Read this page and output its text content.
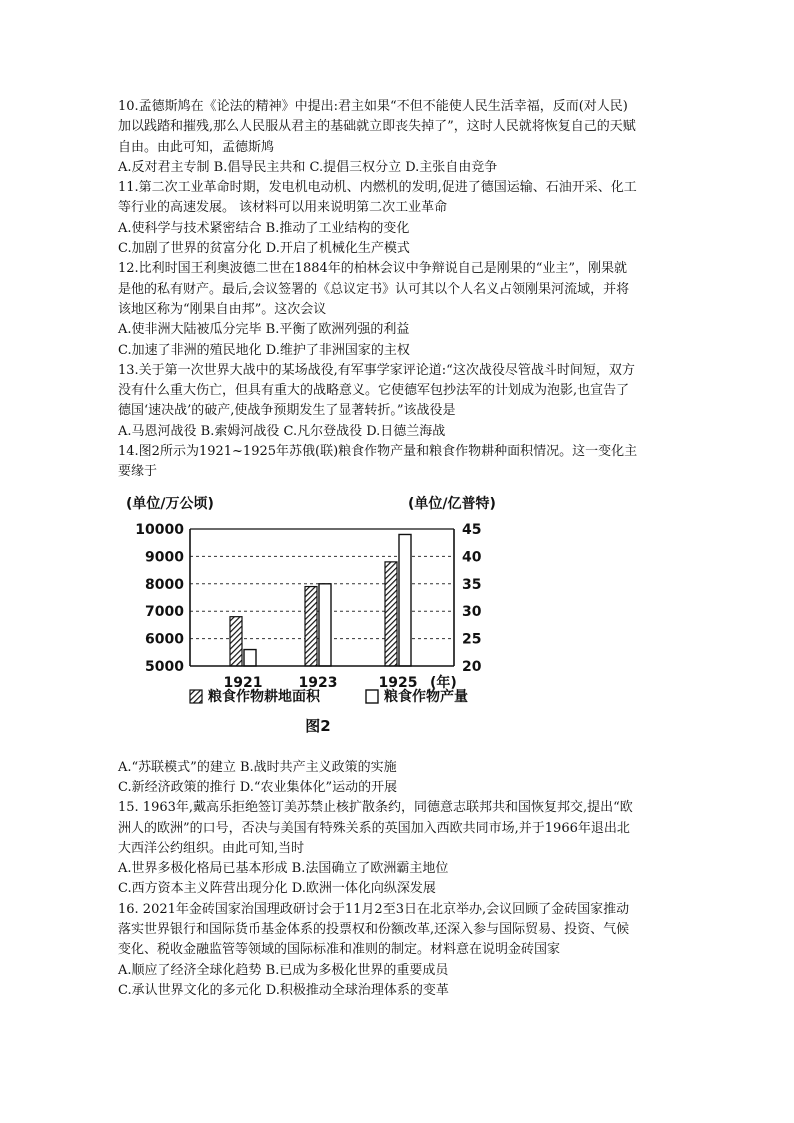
10.孟德斯鸠在《论法的精神》中提出:君主如果“不但不能使人民生活幸福，反而(对人民)
加以践踏和摧残,那么人民服从君主的基础就立即丧失掉了”，这时人民就将恢复自己的天赋
自由。由此可知，孟德斯鸠
A.反对君主专制 B.倡导民主共和 C.提倡三权分立 D.主张自由竞争
11.第二次工业革命时期，发电机电动机、内燃机的发明,促进了德国运输、石油开采、化工
等行业的高速发展。 该材料可以用来说明第二次工业革命
A.使科学与技术紧密结合 B.推动了工业结构的变化
C.加剧了世界的贫富分化 D.开启了机械化生产模式
12.比利时国王利奥波德二世在1884年的柏林会议中争辩说自己是刚果的“业主”，刚果就
是他的私有财产。最后,会议签署的《总议定书》认可其以个人名义占领刚果河流域，并将
该地区称为“刚果自由邦”。这次会议
A.使非洲大陆被瓜分完毕 B.平衡了欧洲列强的利益
C.加速了非洲的殖民地化 D.维护了非洲国家的主权
13.关于第一次世界大战中的某场战役,有军事学家评论道:“这次战役尽管战斗时间短，双方
没有什么重大伤亡，但具有重大的战略意义。它使德军包抄法军的计划成为泡影,也宣告了
德国‘速决战’的破产,使战争预期发生了显著转折。”该战役是
A.马恩河战役 B.索姆河战役 C.凡尔登战役 D.日德兰海战
14.图2所示为1921~1925年苏俄(联)粮食作物产量和粮食作物耕种面积情况。这一变化主
要缘于
(单位/万公顷)	(单位/亿普特)
5000
6000
7000
8000
9000
10000
20
25
30
35
40
45
1921	1923	1925 (年)
粮食作物耕地面积	粮食作物产量
图2
A.“苏联模式”的建立 B.战时共产主义政策的实施
C.新经济政策的推行 D.“农业集体化”运动的开展
15. 1963年,戴高乐拒绝签订美苏禁止核扩散条约，同德意志联邦共和国恢复邦交,提出“欧
洲人的欧洲”的口号，否决与美国有特殊关系的英国加入西欧共同市场,并于1966年退出北
大西洋公约组织。由此可知,当时
A.世界多极化格局已基本形成 B.法国确立了欧洲霸主地位
C.西方资本主义阵营出现分化 D.欧洲一体化向纵深发展
16. 2021年金砖国家治国理政研讨会于11月2至3日在北京举办,会议回顾了金砖国家推动
落实世界银行和国际货币基金体系的投票权和份额改革,还深入参与国际贸易、投资、气候
变化、税收金融监管等领域的国际标准和准则的制定。材料意在说明金砖国家
A.顺应了经济全球化趋势 B.已成为多极化世界的重要成员
C.承认世界文化的多元化 D.积极推动全球治理体系的变革
